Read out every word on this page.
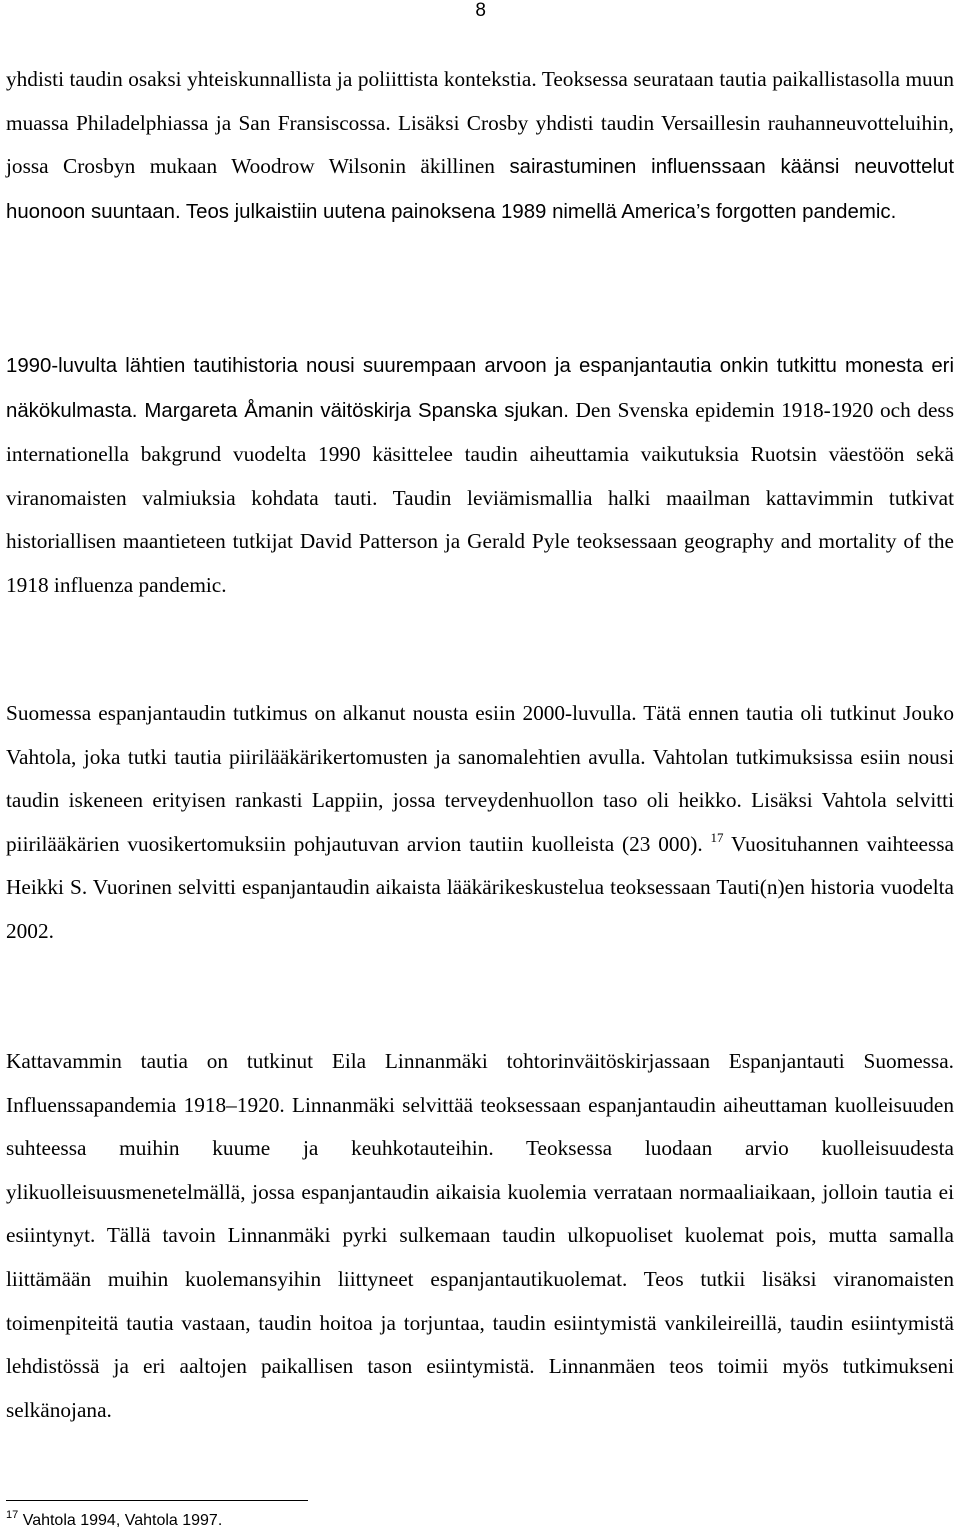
8

yhdisti taudin osaksi yhteiskunnallista ja poliittista kontekstia. Teoksessa seurataan tautia paikallistasolla muun muassa Philadelphiassa ja San Fransiscossa. Lisäksi Crosby yhdisti taudin Versaillesin rauhanneuvotteluihin, jossa Crosbyn mukaan Woodrow Wilsonin äkillinen sairastuminen influenssaan käänsi neuvottelut huonoon suuntaan. Teos julkaistiin uutena painoksena 1989 nimellä America’s forgotten pandemic.

1990-luvulta lähtien tautihistoria nousi suurempaan arvoon ja espanjantautia onkin tutkittu monesta eri näkökulmasta. Margareta Åmanin väitöskirja Spanska sjukan. Den Svenska epidemin 1918-1920 och dess internationella bakgrund vuodelta 1990 käsittelee taudin aiheuttamia vaikutuksia Ruotsin väestöön sekä viranomaisten valmiuksia kohdata tauti. Taudin leviämismallia halki maailman kattavimmin tutkivat historiallisen maantieteen tutkijat David Patterson ja Gerald Pyle teoksessaan geography and mortality of the 1918 influenza pandemic.

Suomessa espanjantaudin tutkimus on alkanut nousta esiin 2000-luvulla. Tätä ennen tautia oli tutkinut Jouko Vahtola, joka tutki tautia piirilääkärikertomusten ja sanomalehtien avulla. Vahtolan tutkimuksissa esiin nousi taudin iskeneen erityisen rankasti Lappiin, jossa terveydenhuollon taso oli heikko. Lisäksi Vahtola selvitti piirilääkärien vuosikertomuksiin pohjautuvan arvion tautiin kuolleista (23 000). $^{17}$ Vuosituhannen vaihteessa Heikki S. Vuorinen selvitti espanjantaudin aikaista lääkärikeskustelua teoksessaan Tauti(n)en historia vuodelta 2002.

Kattavammin tautia on tutkinut Eila Linnanmäki tohtorinväitöskirjassaan Espanjantauti Suomessa. Influenssapandemia 1918–1920. Linnanmäki selvittää teoksessaan espanjantaudin aiheuttaman kuolleisuuden suhteessa muihin kuume ja keuhkotauteihin. Teoksessa luodaan arvio kuolleisuudesta ylikuolleisuusmenetelmällä, jossa espanjantaudin aikaisia kuolemia verrataan normaaliaikaan, jolloin tautia ei esiintynyt. Tällä tavoin Linnanmäki pyrki sulkemaan taudin ulkopuoliset kuolemat pois, mutta samalla liittämään muihin kuolemansyihin liittyneet espanjantautikuolemat. Teos tutkii lisäksi viranomaisten toimenpiteitä tautia vastaan, taudin hoitoa ja torjuntaa, taudin esiintymistä vankileireillä, taudin esiintymistä lehdistössä ja eri aaltojen paikallisen tason esiintymistä. Linnanmäen teos toimii myös tutkimukseni selkänojana.

$^{17}$ Vahtola 1994, Vahtola 1997.
